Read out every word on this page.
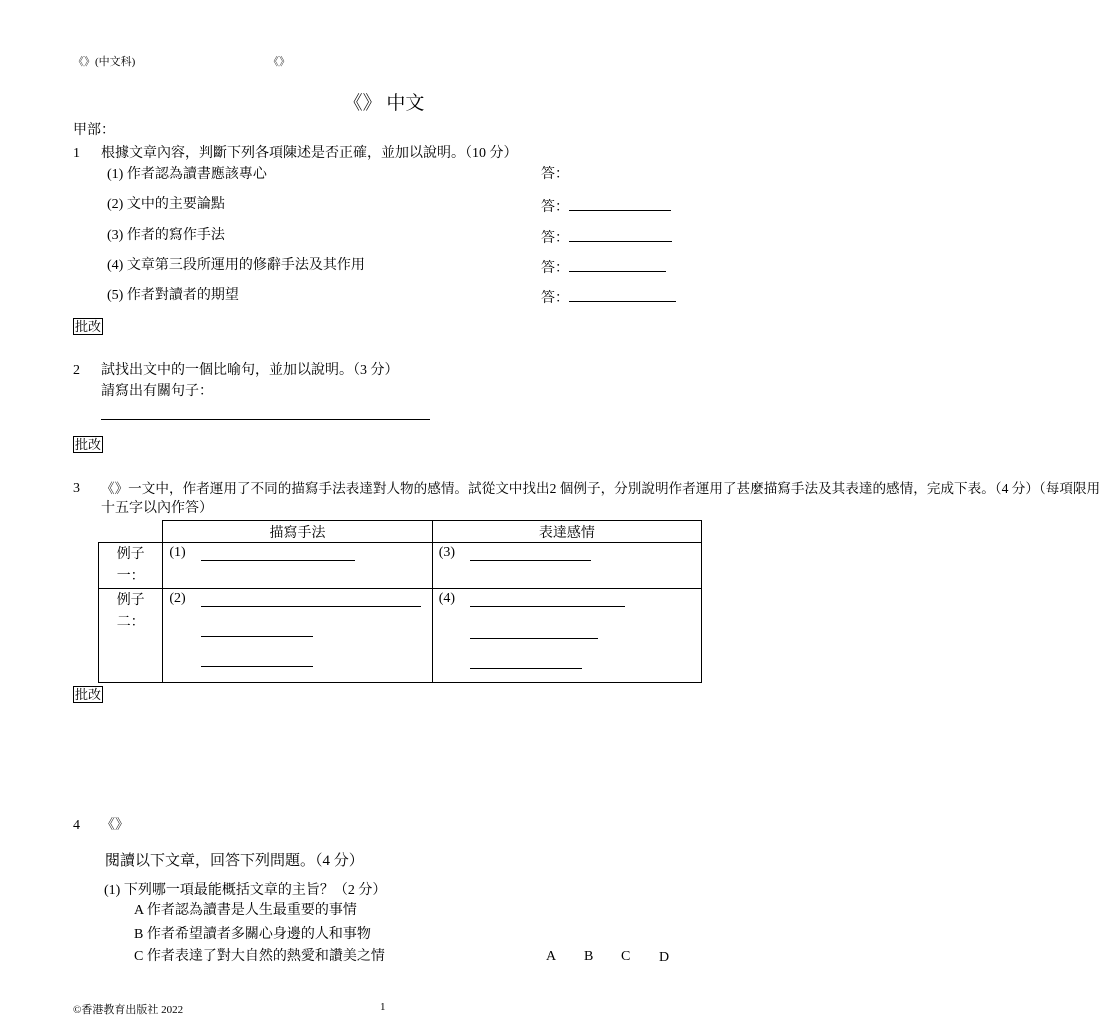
《》(中文科)	《》
《》 中文
甲部：
1 根據文章內容，判斷下列各項陳述是否正確，並加以說明。（10 分）
(1) 作者認為讀書應該專心	答：
(2) 文中的主要論點	答：
(3) 作者的寫作手法	答：
(4) 文章第三段所運用的修辭手法及其作用	答：
(5) 作者對讀者的期望	答：
批改
2 試找出文中的一個比喻句，並加以說明。（3 分）
請寫出有關句子：
批改
3 《》一文中，作者運用了不同的描寫手法表達對人物的感情。試從文中找出2 個例子，分別說明作者運用了甚麼描寫手法及其表達的感情，完成下表。（4 分）（每項限用
十五字以內作答）
	描寫手法	表達感情
例子
一：	(1)	(3)

例子
二：	(2)	(4)
批改
4 《》
閱讀以下文章，回答下列問題。（4 分）
(1) 下列哪一項最能概括文章的主旨？（2 分）
A 作者認為讀書是人生最重要的事情
B 作者希望讀者多關心身邊的人和事物
C 作者表達了對大自然的熱愛和讚美之情	A B C D
©香港教育出版社 2022	1
